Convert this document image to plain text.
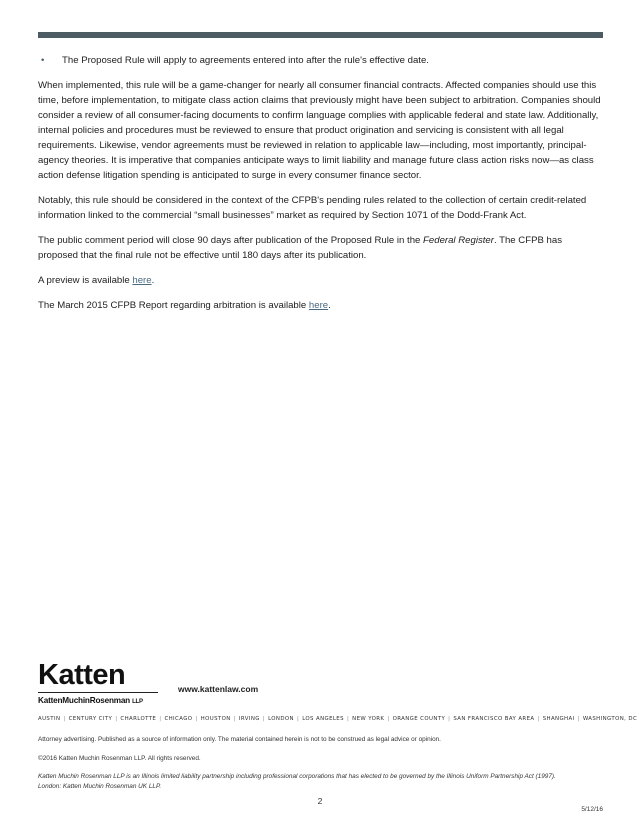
•	The Proposed Rule will apply to agreements entered into after the rule's effective date.

When implemented, this rule will be a game-changer for nearly all consumer financial contracts. Affected companies should use this time, before implementation, to mitigate class action claims that previously might have been subject to arbitration. Companies should consider a review of all consumer-facing documents to confirm language complies with applicable federal and state law. Additionally, internal policies and procedures must be reviewed to ensure that product origination and servicing is consistent with all legal requirements. Likewise, vendor agreements must be reviewed in relation to applicable law—including, most importantly, principal-agency theories. It is imperative that companies anticipate ways to limit liability and manage future class action risks now—as class action defense litigation spending is anticipated to surge in every consumer finance sector.

Notably, this rule should be considered in the context of the CFPB's pending rules related to the collection of certain credit-related information linked to the commercial “small businesses” market as required by Section 1071 of the Dodd-Frank Act.

The public comment period will close 90 days after publication of the Proposed Rule in the Federal Register. The CFPB has proposed that the final rule not be effective until 180 days after its publication.

A preview is available here.

The March 2015 CFPB Report regarding arbitration is available here.

Katten
KattenMuchinRosenman LLP
www.kattenlaw.com
AUSTIN | CENTURY CITY | CHARLOTTE | CHICAGO | HOUSTON | IRVING | LONDON | LOS ANGELES | NEW YORK | ORANGE COUNTY | SAN FRANCISCO BAY AREA | SHANGHAI | WASHINGTON, DC
Attorney advertising. Published as a source of information only. The material contained herein is not to be construed as legal advice or opinion.
©2016 Katten Muchin Rosenman LLP. All rights reserved.
Katten Muchin Rosenman LLP is an Illinois limited liability partnership including professional corporations that has elected to be governed by the Illinois Uniform Partnership Act (1997).
London: Katten Muchin Rosenman UK LLP.
2
5/12/16
